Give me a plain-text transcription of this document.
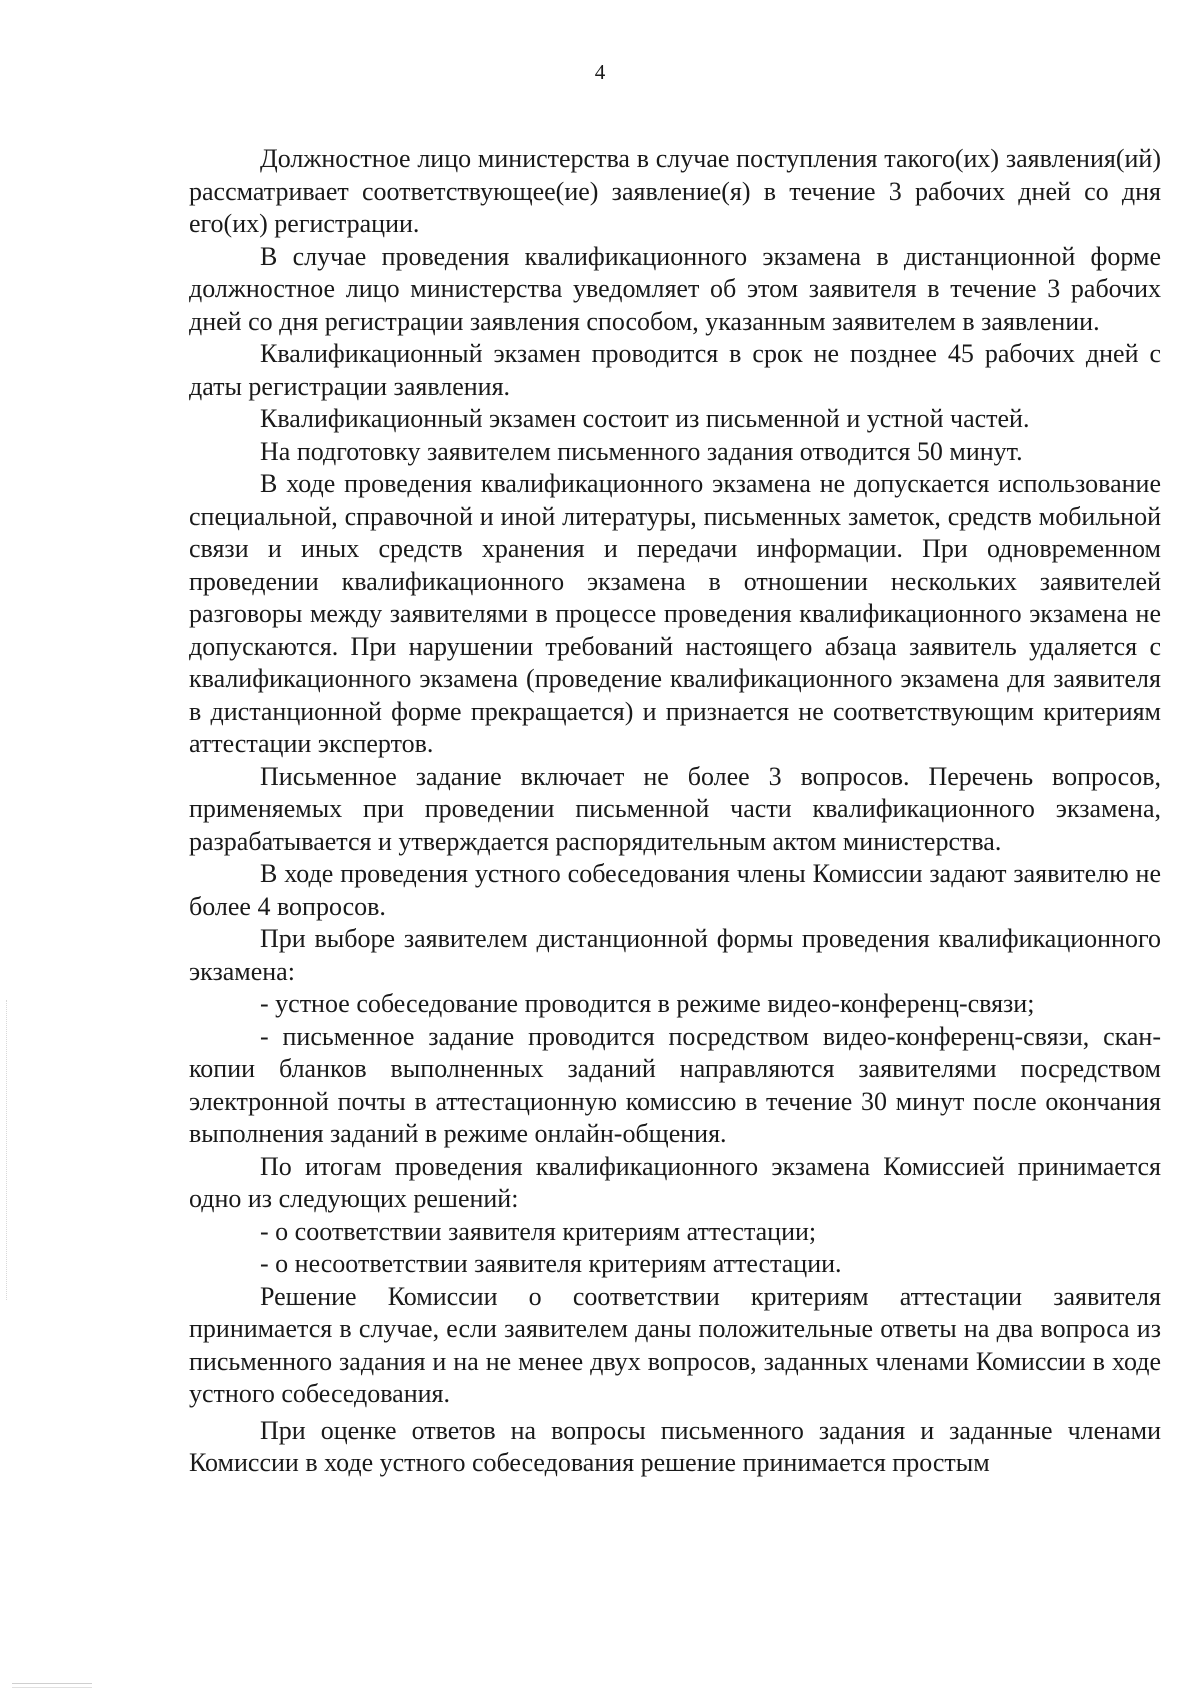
4

Должностное лицо министерства в случае поступления такого(их) заявления(ий) рассматривает соответствующее(ие) заявление(я) в течение 3 рабочих дней со дня его(их) регистрации.

В случае проведения квалификационного экзамена в дистанционной форме должностное лицо министерства уведомляет об этом заявителя в течение 3 рабочих дней со дня регистрации заявления способом, указанным заявителем в заявлении.

Квалификационный экзамен проводится в срок не позднее 45 рабочих дней с даты регистрации заявления.

Квалификационный экзамен состоит из письменной и устной частей.

На подготовку заявителем письменного задания отводится 50 минут.

В ходе проведения квалификационного экзамена не допускается использование специальной, справочной и иной литературы, письменных заметок, средств мобильной связи и иных средств хранения и передачи информации. При одновременном проведении квалификационного экзамена в отношении нескольких заявителей разговоры между заявителями в процессе проведения квалификационного экзамена не допускаются. При нарушении требований настоящего абзаца заявитель удаляется с квалификационного экзамена (проведение квалификационного экзамена для заявителя в дистанционной форме прекращается) и признается не соответствующим критериям аттестации экспертов.

Письменное задание включает не более 3 вопросов. Перечень вопросов, применяемых при проведении письменной части квалификационного экзамена, разрабатывается и утверждается распорядительным актом министерства.

В ходе проведения устного собеседования члены Комиссии задают заявителю не более 4 вопросов.

При выборе заявителем дистанционной формы проведения квалификационного экзамена:

- устное собеседование проводится в режиме видео-конференц-связи;

- письменное задание проводится посредством видео-конференц-связи, скан-копии бланков выполненных заданий направляются заявителями посредством электронной почты в аттестационную комиссию в течение 30 минут после окончания выполнения заданий в режиме онлайн-общения.

По итогам проведения квалификационного экзамена Комиссией принимается одно из следующих решений:

- о соответствии заявителя критериям аттестации;

- о несоответствии заявителя критериям аттестации.

Решение Комиссии о соответствии критериям аттестации заявителя принимается в случае, если заявителем даны положительные ответы на два вопроса из письменного задания и на не менее двух вопросов, заданных членами Комиссии в ходе устного собеседования.

При оценке ответов на вопросы письменного задания и заданные членами Комиссии в ходе устного собеседования решение принимается простым
